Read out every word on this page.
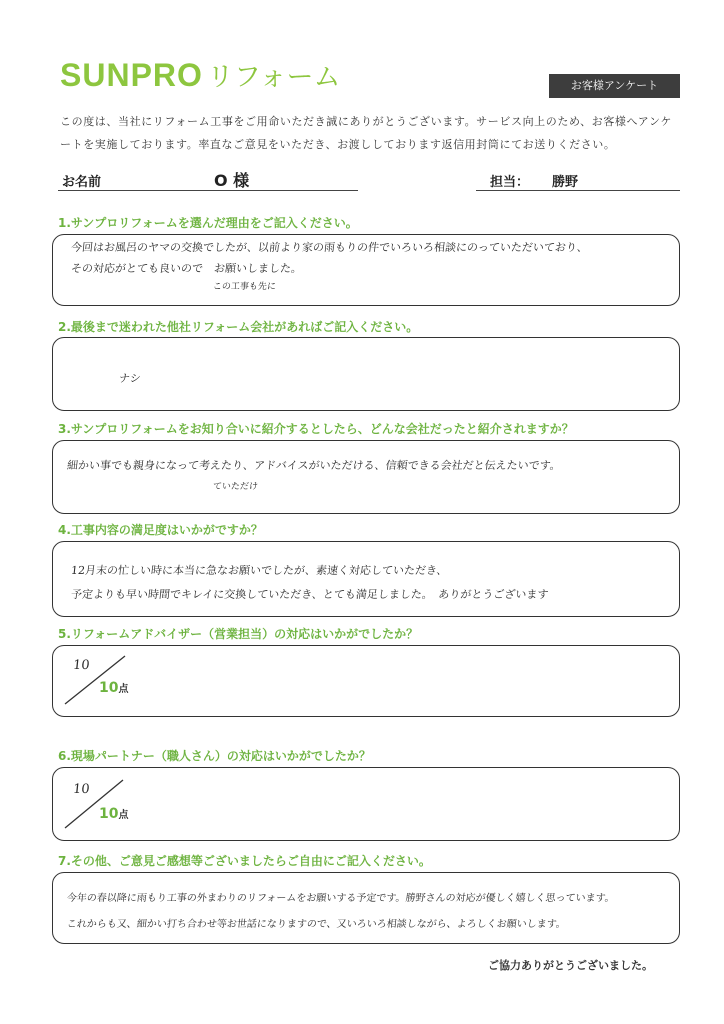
SUNPRO リフォーム	お客様アンケート
この度は、当社にリフォーム工事をご用命いただき誠にありがとうございます。サービス向上のため、お客様へアンケートを実施しております。率直なご意見をいただき、お渡ししております返信用封筒にてお送りください。
お名前	O 様	担当： 勝野
1.サンプロリフォームを選んだ理由をご記入ください。
今回はお風呂のヤマの交換でしたが、以前より家の雨もりの件でいろいろ相談にのっていただいており、
その対応がとても良いので　お願いしました。
この工事も先に
2.最後まで迷われた他社リフォーム会社があればご記入ください。
ナシ
3.サンプロリフォームをお知り合いに紹介するとしたら、どんな会社だったと紹介されますか？
細かい事でも親身になって考えたり、アドバイスがいただける、信頼できる会社だと伝えたいです。
ていただけ
4.工事内容の満足度はいかがですか？
12月末の忙しい時に本当に急なお願いでしたが、素速く対応していただき、
予定よりも早い時間でキレイに交換していただき、とても満足しました。　ありがとうございます
5.リフォームアドバイザー（営業担当）の対応はいかがでしたか？
10
10点
6.現場パートナー（職人さん）の対応はいかがでしたか？
10
10点
7.その他、ご意見ご感想等ございましたらご自由にご記入ください。
今年の春以降に雨もり工事の外まわりのリフォームをお願いする予定です。勝野さんの対応が優しく嬉しく思っています。
これからも又、細かい打ち合わせ等お世話になりますので、又いろいろ相談しながら、よろしくお願いします。
ご協力ありがとうございました。
